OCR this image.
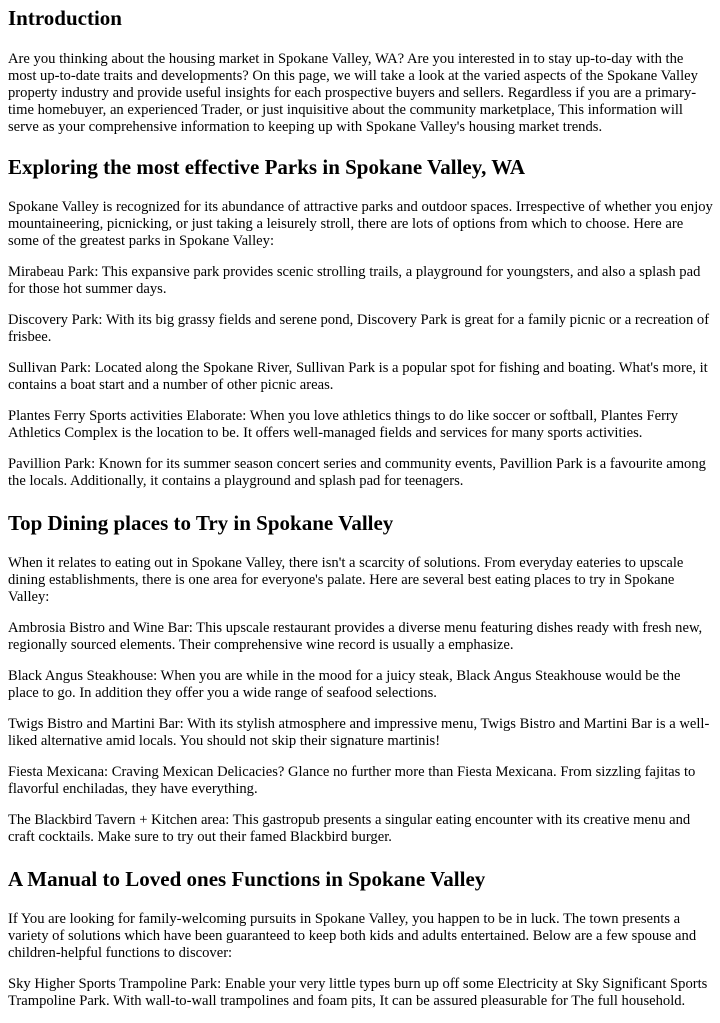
Introduction

Are you thinking about the housing market in Spokane Valley, WA? Are you interested in to stay up-to-day with the most up-to-date traits and developments? On this page, we will take a look at the varied aspects of the Spokane Valley property industry and provide useful insights for each prospective buyers and sellers. Regardless if you are a primary-time homebuyer, an experienced Trader, or just inquisitive about the community marketplace, This information will serve as your comprehensive information to keeping up with Spokane Valley's housing market trends.

Exploring the most effective Parks in Spokane Valley, WA

Spokane Valley is recognized for its abundance of attractive parks and outdoor spaces. Irrespective of whether you enjoy mountaineering, picnicking, or just taking a leisurely stroll, there are lots of options from which to choose. Here are some of the greatest parks in Spokane Valley:

Mirabeau Park: This expansive park provides scenic strolling trails, a playground for youngsters, and also a splash pad for those hot summer days.

Discovery Park: With its big grassy fields and serene pond, Discovery Park is great for a family picnic or a recreation of frisbee.

Sullivan Park: Located along the Spokane River, Sullivan Park is a popular spot for fishing and boating. What's more, it contains a boat start and a number of other picnic areas.

Plantes Ferry Sports activities Elaborate: When you love athletics things to do like soccer or softball, Plantes Ferry Athletics Complex is the location to be. It offers well-managed fields and services for many sports activities.

Pavillion Park: Known for its summer season concert series and community events, Pavillion Park is a favourite among the locals. Additionally, it contains a playground and splash pad for teenagers.

Top Dining places to Try in Spokane Valley

When it relates to eating out in Spokane Valley, there isn't a scarcity of solutions. From everyday eateries to upscale dining establishments, there is one area for everyone's palate. Here are several best eating places to try in Spokane Valley:

Ambrosia Bistro and Wine Bar: This upscale restaurant provides a diverse menu featuring dishes ready with fresh new, regionally sourced elements. Their comprehensive wine record is usually a emphasize.

Black Angus Steakhouse: When you are while in the mood for a juicy steak, Black Angus Steakhouse would be the place to go. In addition they offer you a wide range of seafood selections.

Twigs Bistro and Martini Bar: With its stylish atmosphere and impressive menu, Twigs Bistro and Martini Bar is a well-liked alternative amid locals. You should not skip their signature martinis!

Fiesta Mexicana: Craving Mexican Delicacies? Glance no further more than Fiesta Mexicana. From sizzling fajitas to flavorful enchiladas, they have everything.

The Blackbird Tavern + Kitchen area: This gastropub presents a singular eating encounter with its creative menu and craft cocktails. Make sure to try out their famed Blackbird burger.

A Manual to Loved ones Functions in Spokane Valley

If You are looking for family-welcoming pursuits in Spokane Valley, you happen to be in luck. The town presents a variety of solutions which have been guaranteed to keep both kids and adults entertained. Below are a few spouse and children-helpful functions to discover:

Sky Higher Sports Trampoline Park: Enable your very little types burn up off some Electricity at Sky Significant Sports Trampoline Park. With wall-to-wall trampolines and foam pits, It can be assured pleasurable for The full household.
